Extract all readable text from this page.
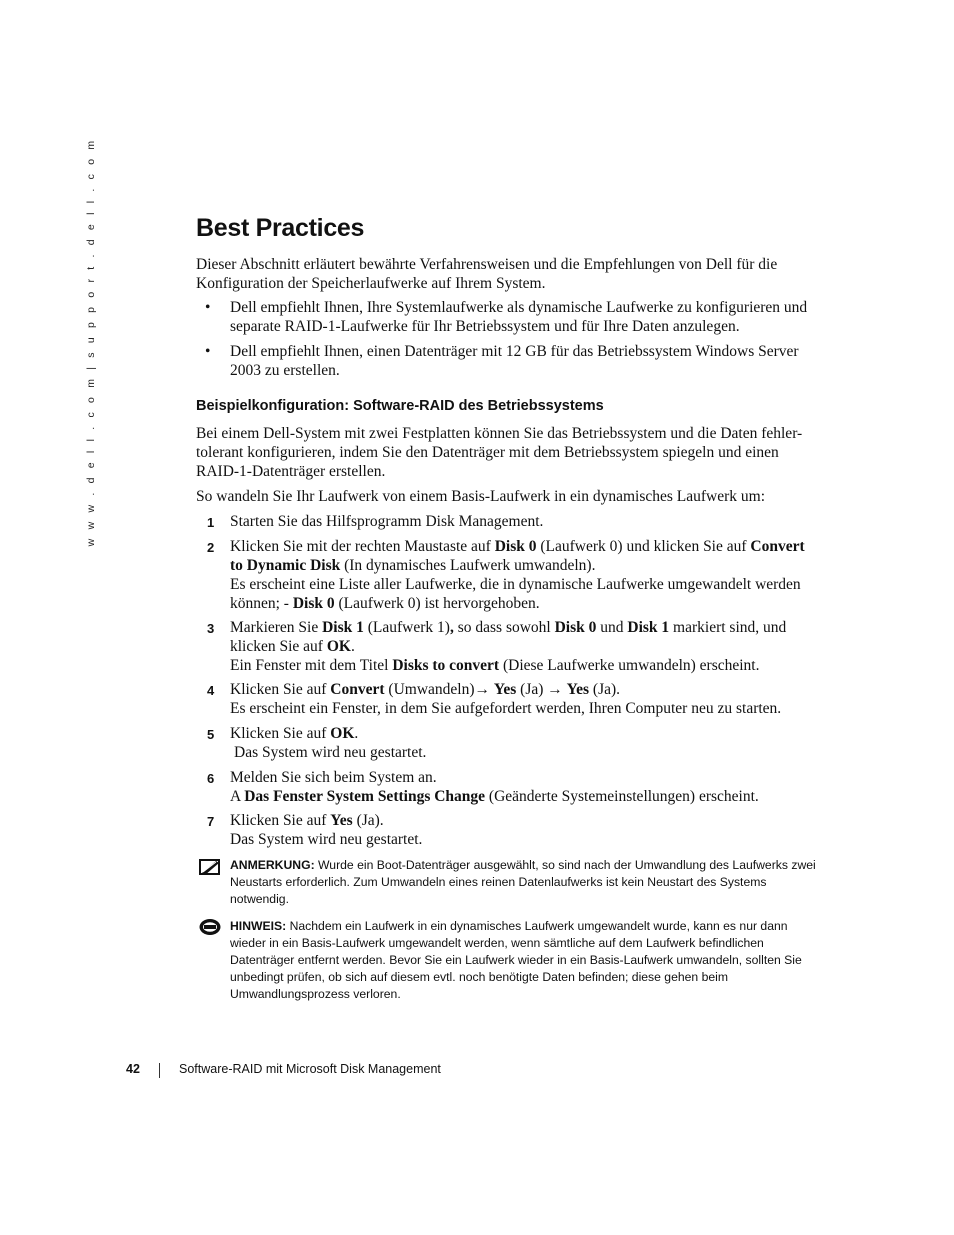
w w w . d e l l . c o m | s u p p o r t . d e l l . c o m	Best Practices

Dieser Abschnitt erläutert bewährte Verfahrensweisen und die Empfehlungen von Dell für die Konfiguration der Speicherlaufwerke auf Ihrem System.

• Dell empfiehlt Ihnen, Ihre Systemlaufwerke als dynamische Laufwerke zu konfigurieren und separate RAID-1-Laufwerke für Ihr Betriebssystem und für Ihre Daten anzulegen.
• Dell empfiehlt Ihnen, einen Datenträger mit 12 GB für das Betriebssystem Windows Server 2003 zu erstellen.
Beispielkonfiguration: Software-RAID des Betriebssystems

Bei einem Dell-System mit zwei Festplatten können Sie das Betriebssystem und die Daten fehler-tolerant konfigurieren, indem Sie den Datenträger mit dem Betriebssystem spiegeln und einen RAID-1-Datenträger erstellen.

So wandeln Sie Ihr Laufwerk von einem Basis-Laufwerk in ein dynamisches Laufwerk um:

1 Starten Sie das Hilfsprogramm Disk Management.
2 Klicken Sie mit der rechten Maustaste auf Disk 0 (Laufwerk 0) und klicken Sie auf Convert to Dynamic Disk (In dynamisches Laufwerk umwandeln).
Es erscheint eine Liste aller Laufwerke, die in dynamische Laufwerke umgewandelt werden können; - Disk 0 (Laufwerk 0) ist hervorgehoben.
3 Markieren Sie Disk 1 (Laufwerk 1), so dass sowohl Disk 0 und Disk 1 markiert sind, und klicken Sie auf OK.
Ein Fenster mit dem Titel Disks to convert (Diese Laufwerke umwandeln) erscheint.
4 Klicken Sie auf Convert (Umwandeln)→ Yes (Ja) → Yes (Ja).
Es erscheint ein Fenster, in dem Sie aufgefordert werden, Ihren Computer neu zu starten.
5 Klicken Sie auf OK.
Das System wird neu gestartet.
6 Melden Sie sich beim System an.
A Das Fenster System Settings Change (Geänderte Systemeinstellungen) erscheint.
7 Klicken Sie auf Yes (Ja).
Das System wird neu gestartet.
ANMERKUNG: Wurde ein Boot-Datenträger ausgewählt, so sind nach der Umwandlung des Laufwerks zwei Neustarts erforderlich. Zum Umwandeln eines reinen Datenlaufwerks ist kein Neustart des Systems notwendig.
HINWEIS: Nachdem ein Laufwerk in ein dynamisches Laufwerk umgewandelt wurde, kann es nur dann wieder in ein Basis-Laufwerk umgewandelt werden, wenn sämtliche auf dem Laufwerk befindlichen Datenträger entfernt werden. Bevor Sie ein Laufwerk wieder in ein Basis-Laufwerk umwandeln, sollten Sie unbedingt prüfen, ob sich auf diesem evtl. noch benötigte Daten befinden; diese gehen beim Umwandlungsprozess verloren.
42	Software-RAID mit Microsoft Disk Management
